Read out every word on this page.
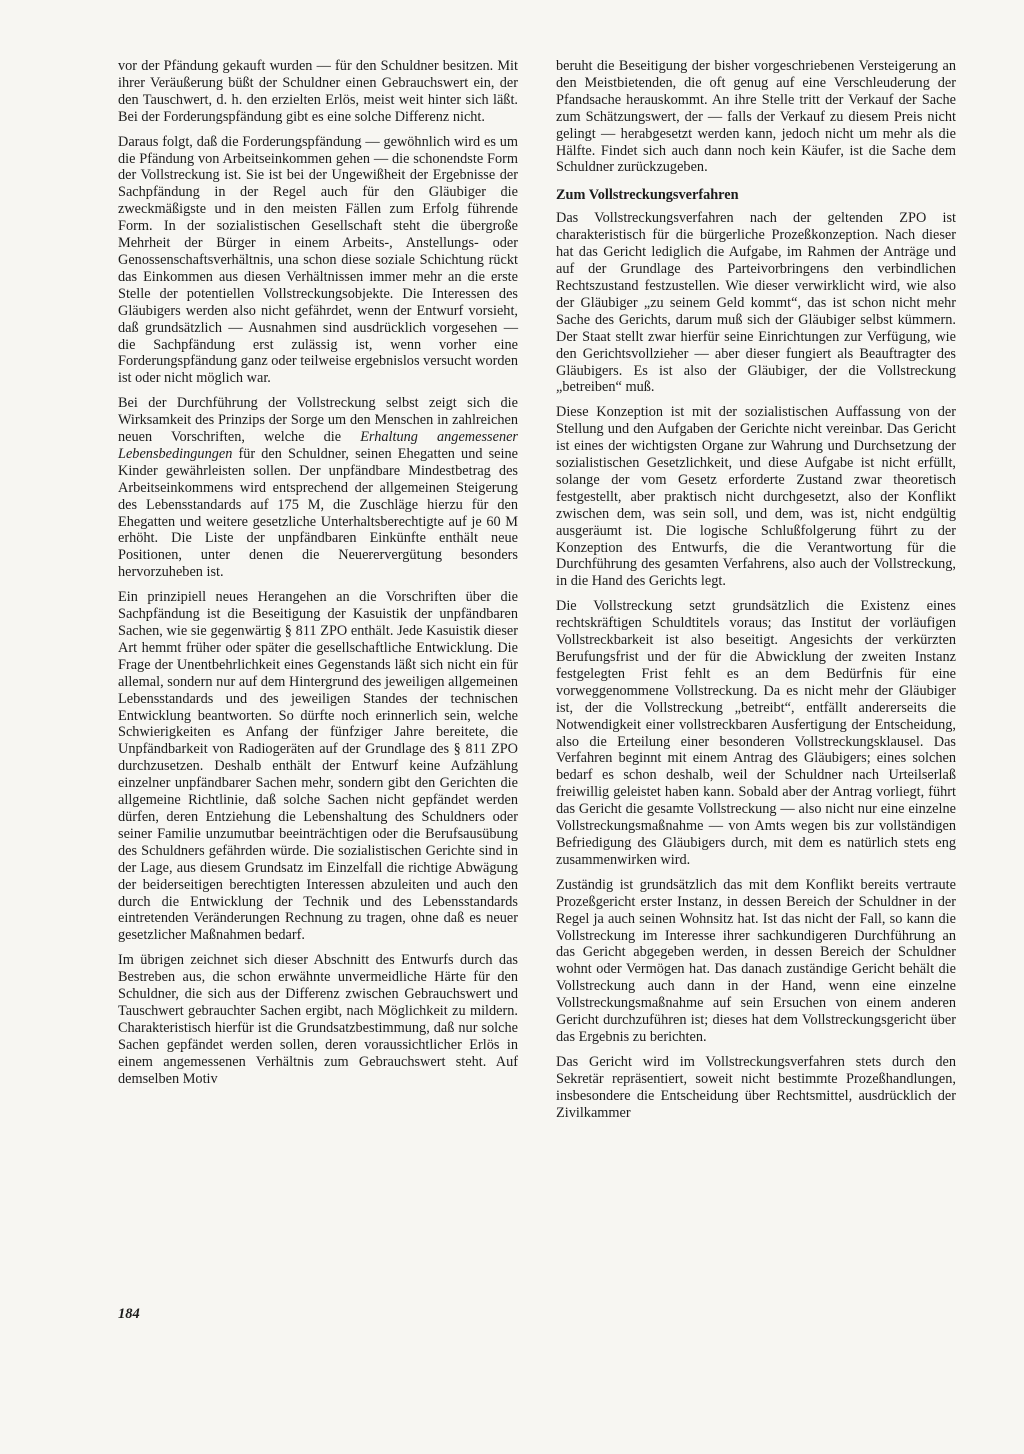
vor der Pfändung gekauft wurden — für den Schuldner besitzen. Mit ihrer Veräußerung büßt der Schuldner einen Gebrauchswert ein, der den Tauschwert, d. h. den erzielten Erlös, meist weit hinter sich läßt. Bei der Forderungspfändung gibt es eine solche Differenz nicht.

Daraus folgt, daß die Forderungspfändung — gewöhnlich wird es um die Pfändung von Arbeitseinkommen gehen — die schonendste Form der Vollstreckung ist. Sie ist bei der Ungewißheit der Ergebnisse der Sachpfändung in der Regel auch für den Gläubiger die zweckmäßigste und in den meisten Fällen zum Erfolg führende Form. In der sozialistischen Gesellschaft steht die übergroße Mehrheit der Bürger in einem Arbeits-, Anstellungs- oder Genossenschaftsverhältnis, una schon diese soziale Schichtung rückt das Einkommen aus diesen Verhältnissen immer mehr an die erste Stelle der potentiellen Vollstreckungsobjekte. Die Interessen des Gläubigers werden also nicht gefährdet, wenn der Entwurf vorsieht, daß grundsätzlich — Ausnahmen sind ausdrücklich vorgesehen — die Sachpfändung erst zulässig ist, wenn vorher eine Forderungspfändung ganz oder teilweise ergebnislos versucht worden ist oder nicht möglich war.

Bei der Durchführung der Vollstreckung selbst zeigt sich die Wirksamkeit des Prinzips der Sorge um den Menschen in zahlreichen neuen Vorschriften, welche die Erhaltung angemessener Lebensbedingungen für den Schuldner, seinen Ehegatten und seine Kinder gewährleisten sollen. Der unpfändbare Mindestbetrag des Arbeitseinkommens wird entsprechend der allgemeinen Steigerung des Lebensstandards auf 175 M, die Zuschläge hierzu für den Ehegatten und weitere gesetzliche Unterhaltsberechtigte auf je 60 M erhöht. Die Liste der unpfändbaren Einkünfte enthält neue Positionen, unter denen die Neuerervergütung besonders hervorzuheben ist.

Ein prinzipiell neues Herangehen an die Vorschriften über die Sachpfändung ist die Beseitigung der Kasuistik der unpfändbaren Sachen, wie sie gegenwärtig § 811 ZPO enthält. Jede Kasuistik dieser Art hemmt früher oder später die gesellschaftliche Entwicklung. Die Frage der Unentbehrlichkeit eines Gegenstands läßt sich nicht ein für allemal, sondern nur auf dem Hintergrund des jeweiligen allgemeinen Lebensstandards und des jeweiligen Standes der technischen Entwicklung beantworten. So dürfte noch erinnerlich sein, welche Schwierigkeiten es Anfang der fünfziger Jahre bereitete, die Unpfändbarkeit von Radiogeräten auf der Grundlage des § 811 ZPO durchzusetzen. Deshalb enthält der Entwurf keine Aufzählung einzelner unpfändbarer Sachen mehr, sondern gibt den Gerichten die allgemeine Richtlinie, daß solche Sachen nicht gepfändet werden dürfen, deren Entziehung die Lebenshaltung des Schuldners oder seiner Familie unzumutbar beeinträchtigen oder die Berufsausübung des Schuldners gefährden würde. Die sozialistischen Gerichte sind in der Lage, aus diesem Grundsatz im Einzelfall die richtige Abwägung der beiderseitigen berechtigten Interessen abzuleiten und auch den durch die Entwicklung der Technik und des Lebensstandards eintretenden Veränderungen Rechnung zu tragen, ohne daß es neuer gesetzlicher Maßnahmen bedarf.

Im übrigen zeichnet sich dieser Abschnitt des Entwurfs durch das Bestreben aus, die schon erwähnte unvermeidliche Härte für den Schuldner, die sich aus der Differenz zwischen Gebrauchswert und Tauschwert gebrauchter Sachen ergibt, nach Möglichkeit zu mildern. Charakteristisch hierfür ist die Grundsatzbestimmung, daß nur solche Sachen gepfändet werden sollen, deren voraussichtlicher Erlös in einem angemessenen Verhältnis zum Gebrauchswert steht. Auf demselben Motiv

beruht die Beseitigung der bisher vorgeschriebenen Versteigerung an den Meistbietenden, die oft genug auf eine Verschleuderung der Pfandsache herauskommt. An ihre Stelle tritt der Verkauf der Sache zum Schätzungswert, der — falls der Verkauf zu diesem Preis nicht gelingt — herabgesetzt werden kann, jedoch nicht um mehr als die Hälfte. Findet sich auch dann noch kein Käufer, ist die Sache dem Schuldner zurückzugeben.

Zum Vollstreckungsverfahren

Das Vollstreckungsverfahren nach der geltenden ZPO ist charakteristisch für die bürgerliche Prozeßkonzeption. Nach dieser hat das Gericht lediglich die Aufgabe, im Rahmen der Anträge und auf der Grundlage des Parteivorbringens den verbindlichen Rechtszustand festzustellen. Wie dieser verwirklicht wird, wie also der Gläubiger „zu seinem Geld kommt“, das ist schon nicht mehr Sache des Gerichts, darum muß sich der Gläubiger selbst kümmern. Der Staat stellt zwar hierfür seine Einrichtungen zur Verfügung, wie den Gerichtsvollzieher — aber dieser fungiert als Beauftragter des Gläubigers. Es ist also der Gläubiger, der die Vollstreckung „betreiben“ muß.

Diese Konzeption ist mit der sozialistischen Auffassung von der Stellung und den Aufgaben der Gerichte nicht vereinbar. Das Gericht ist eines der wichtigsten Organe zur Wahrung und Durchsetzung der sozialistischen Gesetzlichkeit, und diese Aufgabe ist nicht erfüllt, solange der vom Gesetz erforderte Zustand zwar theoretisch festgestellt, aber praktisch nicht durchgesetzt, also der Konflikt zwischen dem, was sein soll, und dem, was ist, nicht endgültig ausgeräumt ist. Die logische Schlußfolgerung führt zu der Konzeption des Entwurfs, die die Verantwortung für die Durchführung des gesamten Verfahrens, also auch der Vollstreckung, in die Hand des Gerichts legt.

Die Vollstreckung setzt grundsätzlich die Existenz eines rechtskräftigen Schuldtitels voraus; das Institut der vorläufigen Vollstreckbarkeit ist also beseitigt. Angesichts der verkürzten Berufungsfrist und der für die Abwicklung der zweiten Instanz festgelegten Frist fehlt es an dem Bedürfnis für eine vorweggenommene Vollstreckung. Da es nicht mehr der Gläubiger ist, der die Vollstreckung „betreibt“, entfällt andererseits die Notwendigkeit einer vollstreckbaren Ausfertigung der Entscheidung, also die Erteilung einer besonderen Vollstreckungsklausel. Das Verfahren beginnt mit einem Antrag des Gläubigers; eines solchen bedarf es schon deshalb, weil der Schuldner nach Urteilserlaß freiwillig geleistet haben kann. Sobald aber der Antrag vorliegt, führt das Gericht die gesamte Vollstreckung — also nicht nur eine einzelne Vollstreckungsmaßnahme — von Amts wegen bis zur vollständigen Befriedigung des Gläubigers durch, mit dem es natürlich stets eng zusammenwirken wird.

Zuständig ist grundsätzlich das mit dem Konflikt bereits vertraute Prozeßgericht erster Instanz, in dessen Bereich der Schuldner in der Regel ja auch seinen Wohnsitz hat. Ist das nicht der Fall, so kann die Vollstreckung im Interesse ihrer sachkundigeren Durchführung an das Gericht abgegeben werden, in dessen Bereich der Schuldner wohnt oder Vermögen hat. Das danach zuständige Gericht behält die Vollstreckung auch dann in der Hand, wenn eine einzelne Vollstreckungsmaßnahme auf sein Ersuchen von einem anderen Gericht durchzuführen ist; dieses hat dem Vollstreckungsgericht über das Ergebnis zu berichten.

Das Gericht wird im Vollstreckungsverfahren stets durch den Sekretär repräsentiert, soweit nicht bestimmte Prozeßhandlungen, insbesondere die Entscheidung über Rechtsmittel, ausdrücklich der Zivilkammer

184
